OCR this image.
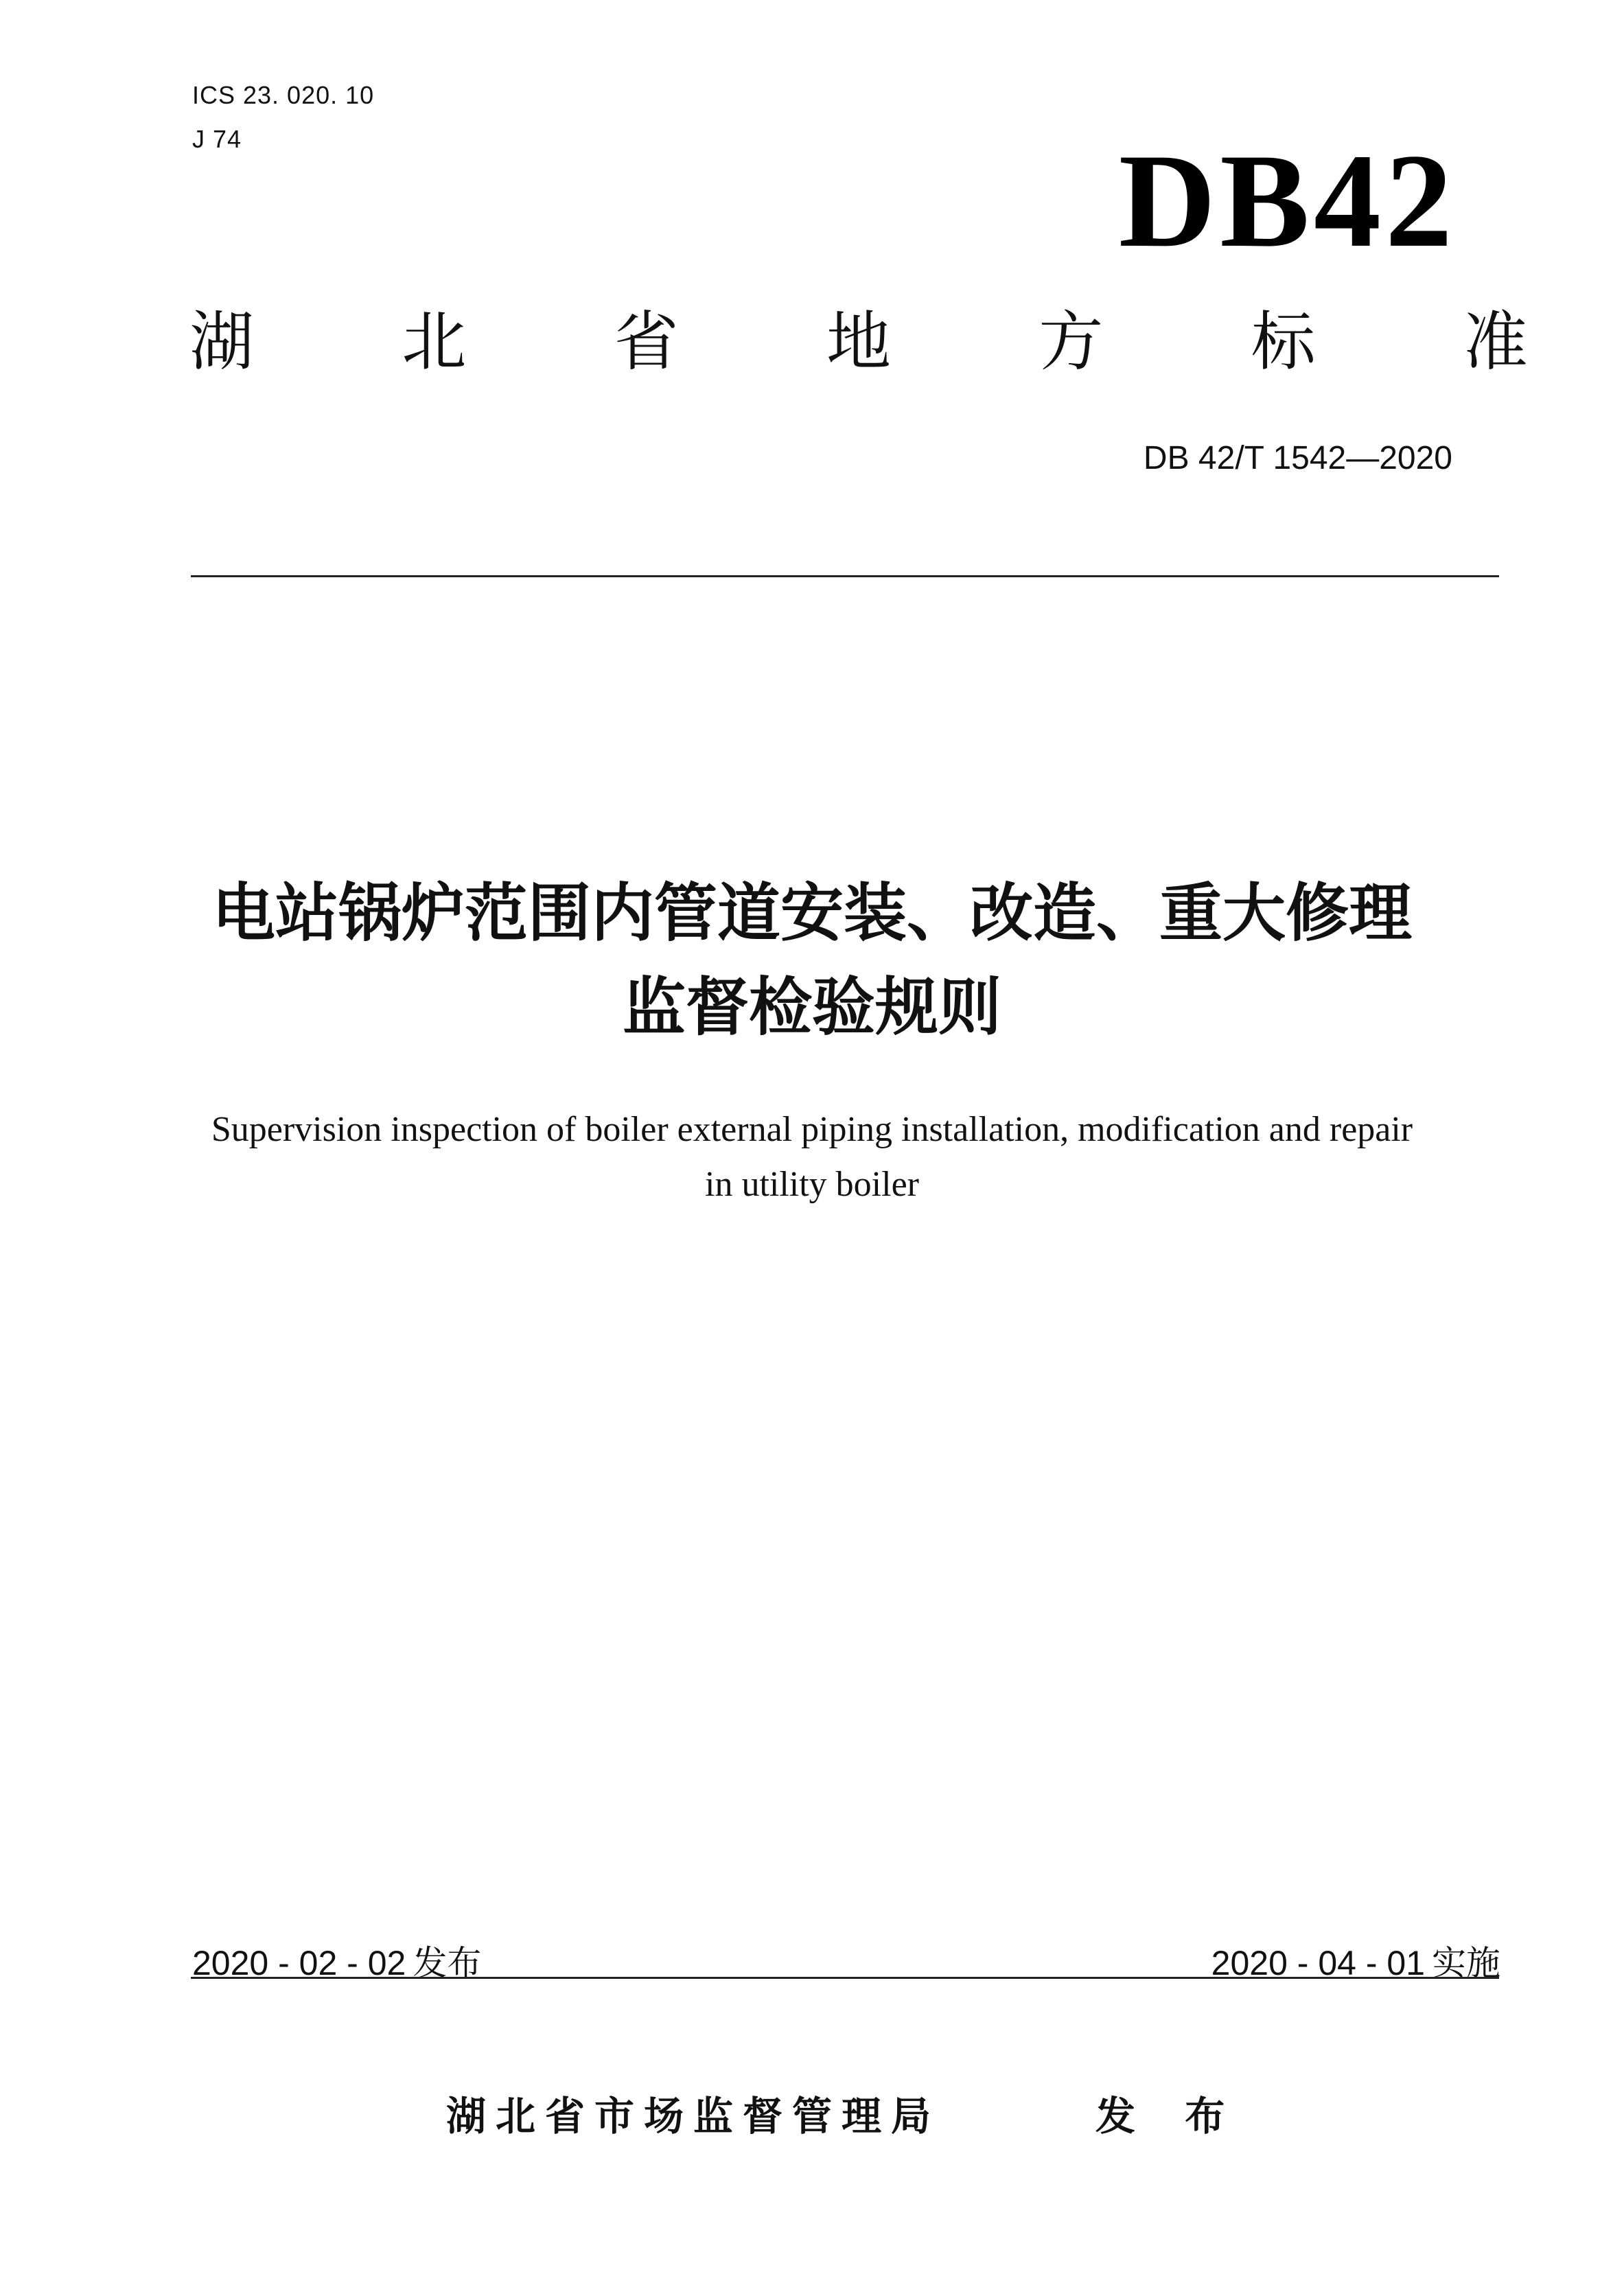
ICS 23. 020. 10
J 74	DB42
湖 北 省 地 方 标 准
DB 42/T 1542—2020
电站锅炉范围内管道安装、改造、重大修理
监督检验规则
Supervision inspection of boiler external piping installation, modification and repair
in utility boiler
2020 - 02 - 02 发布	2020 - 04 - 01 实施
湖北省市场监督管理局	发 布
